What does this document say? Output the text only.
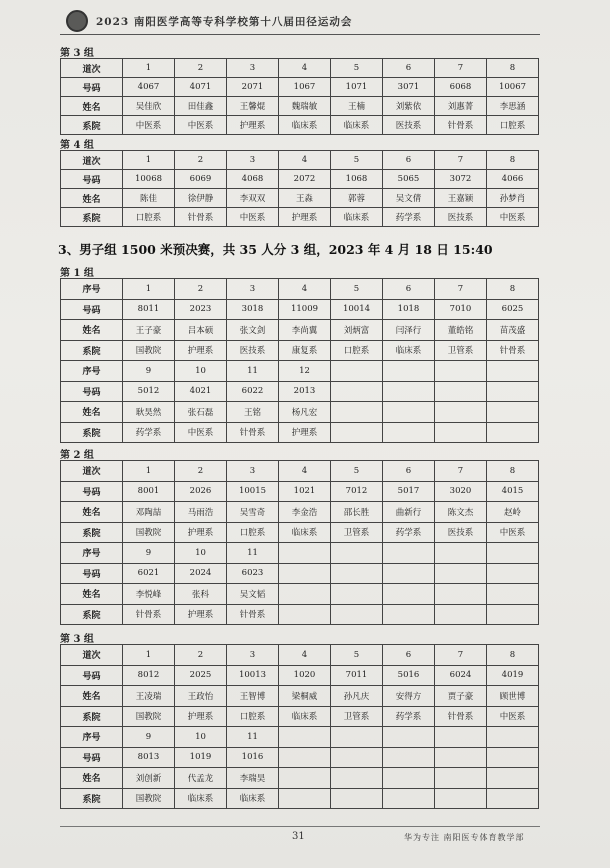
2023 南阳医学高等专科学校第十八届田径运动会
第 3 组
道次	1	2	3	4	5	6	7	8
号码	4067	4071	2071	1067	1071	3071	6068	10067
姓名	吴佳欣	田佳鑫	王馨焜	魏瑞敏	王楠	刘紫依	刘惠菁	李思涵
系院	中医系	中医系	护理系	临床系	临床系	医技系	针骨系	口腔系
第 4 组
道次	1	2	3	4	5	6	7	8
号码	10068	6069	4068	2072	1068	5065	3072	4066
姓名	陈佳	徐伊静	李双双	王淼	郭蓉	吴文倩	王嘉颖	孙梦肖
系院	口腔系	针骨系	中医系	护理系	临床系	药学系	医技系	中医系
3、男子组 1500 米预决赛，共 35 人分 3 组，2023 年 4 月 18 日 15:40
第 1 组
序号	1	2	3	4	5	6	7	8
号码	8011	2023	3018	11009	10014	1018	7010	6025
姓名	王子豪	吕本硕	张文剑	李尚翼	刘炳富	闫泽行	董皓铭	苗茂盛
系院	国教院	护理系	医技系	康复系	口腔系	临床系	卫管系	针骨系
序号	9	10	11	12				
号码	5012	4021	6022	2013				
姓名	耿昊然	张石磊	王铭	杨凡宏				
系院	药学系	中医系	针骨系	护理系				
第 2 组
道次	1	2	3	4	5	6	7	8
号码	8001	2026	10015	1021	7012	5017	3020	4015
姓名	邓陶喆	马雨浩	吴雪奇	李金浩	邵长胜	曲新行	陈文杰	赵岭
系院	国教院	护理系	口腔系	临床系	卫管系	药学系	医技系	中医系
序号	9	10	11					
号码	6021	2024	6023					
姓名	李悦峰	张科	吴文韬					
系院	针骨系	护理系	针骨系					
第 3 组
道次	1	2	3	4	5	6	7	8
号码	8012	2025	10013	1020	7011	5016	6024	4019
姓名	王凌瑞	王政怡	王智博	梁桐威	孙凡庆	安得方	贾子豪	顾世博
系院	国教院	护理系	口腔系	临床系	卫管系	药学系	针骨系	中医系
序号	9	10	11					
号码	8013	1019	1016					
姓名	刘创新	代孟龙	李瑞昊					
系院	国教院	临床系	临床系					
31	华为专注 南阳医专体育教学部
